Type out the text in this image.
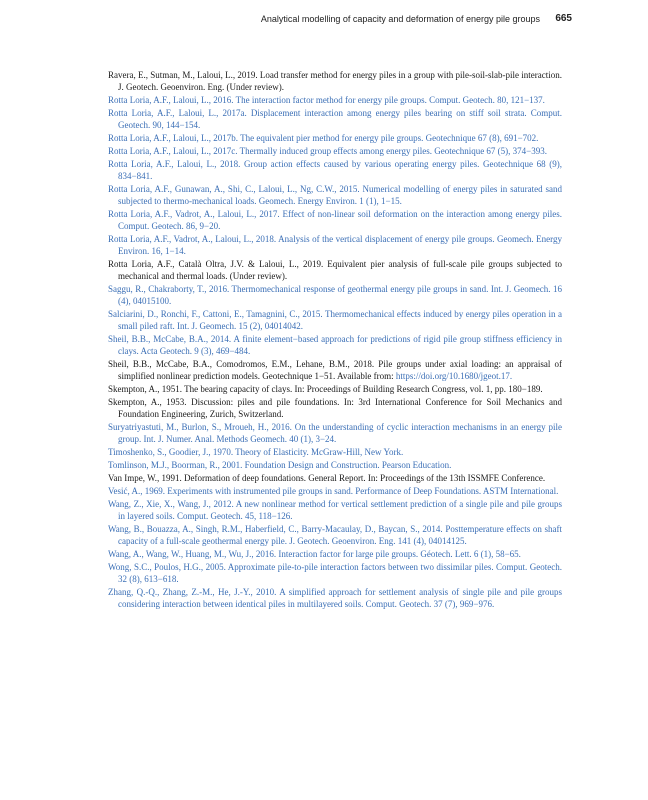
Analytical modelling of capacity and deformation of energy pile groups 665
Ravera, E., Sutman, M., Laloui, L., 2019. Load transfer method for energy piles in a group with pile-soil-slab-pile interaction. J. Geotech. Geoenviron. Eng. (Under review).
Rotta Loria, A.F., Laloui, L., 2016. The interaction factor method for energy pile groups. Comput. Geotech. 80, 121−137.
Rotta Loria, A.F., Laloui, L., 2017a. Displacement interaction among energy piles bearing on stiff soil strata. Comput. Geotech. 90, 144−154.
Rotta Loria, A.F., Laloui, L., 2017b. The equivalent pier method for energy pile groups. Geotechnique 67 (8), 691−702.
Rotta Loria, A.F., Laloui, L., 2017c. Thermally induced group effects among energy piles. Geotechnique 67 (5), 374−393.
Rotta Loria, A.F., Laloui, L., 2018. Group action effects caused by various operating energy piles. Geotechnique 68 (9), 834−841.
Rotta Loria, A.F., Gunawan, A., Shi, C., Laloui, L., Ng, C.W., 2015. Numerical modelling of energy piles in saturated sand subjected to thermo-mechanical loads. Geomech. Energy Environ. 1 (1), 1−15.
Rotta Loria, A.F., Vadrot, A., Laloui, L., 2017. Effect of non-linear soil deformation on the interaction among energy piles. Comput. Geotech. 86, 9−20.
Rotta Loria, A.F., Vadrot, A., Laloui, L., 2018. Analysis of the vertical displacement of energy pile groups. Geomech. Energy Environ. 16, 1−14.
Rotta Loria, A.F., Català Oltra, J.V. & Laloui, L., 2019. Equivalent pier analysis of full-scale pile groups subjected to mechanical and thermal loads. (Under review).
Saggu, R., Chakraborty, T., 2016. Thermomechanical response of geothermal energy pile groups in sand. Int. J. Geomech. 16 (4), 04015100.
Salciarini, D., Ronchi, F., Cattoni, E., Tamagnini, C., 2015. Thermomechanical effects induced by energy piles operation in a small piled raft. Int. J. Geomech. 15 (2), 04014042.
Sheil, B.B., McCabe, B.A., 2014. A finite element−based approach for predictions of rigid pile group stiffness efficiency in clays. Acta Geotech. 9 (3), 469−484.
Sheil, B.B., McCabe, B.A., Comodromos, E.M., Lehane, B.M., 2018. Pile groups under axial loading: an appraisal of simplified nonlinear prediction models. Geotechnique 1−51. Available from: https://doi.org/10.1680/jgeot.17.
Skempton, A., 1951. The bearing capacity of clays. In: Proceedings of Building Research Congress, vol. 1, pp. 180−189.
Skempton, A., 1953. Discussion: piles and pile foundations. In: 3rd International Conference for Soil Mechanics and Foundation Engineering, Zurich, Switzerland.
Suryatriyastuti, M., Burlon, S., Mroueh, H., 2016. On the understanding of cyclic interaction mechanisms in an energy pile group. Int. J. Numer. Anal. Methods Geomech. 40 (1), 3−24.
Timoshenko, S., Goodier, J., 1970. Theory of Elasticity. McGraw-Hill, New York.
Tomlinson, M.J., Boorman, R., 2001. Foundation Design and Construction. Pearson Education.
Van Impe, W., 1991. Deformation of deep foundations. General Report. In: Proceedings of the 13th ISSMFE Conference.
Vesić, A., 1969. Experiments with instrumented pile groups in sand. Performance of Deep Foundations. ASTM International.
Wang, Z., Xie, X., Wang, J., 2012. A new nonlinear method for vertical settlement prediction of a single pile and pile groups in layered soils. Comput. Geotech. 45, 118−126.
Wang, B., Bouazza, A., Singh, R.M., Haberfield, C., Barry-Macaulay, D., Baycan, S., 2014. Posttemperature effects on shaft capacity of a full-scale geothermal energy pile. J. Geotech. Geoenviron. Eng. 141 (4), 04014125.
Wang, A., Wang, W., Huang, M., Wu, J., 2016. Interaction factor for large pile groups. Géotech. Lett. 6 (1), 58−65.
Wong, S.C., Poulos, H.G., 2005. Approximate pile-to-pile interaction factors between two dissimilar piles. Comput. Geotech. 32 (8), 613−618.
Zhang, Q.-Q., Zhang, Z.-M., He, J.-Y., 2010. A simplified approach for settlement analysis of single pile and pile groups considering interaction between identical piles in multilayered soils. Comput. Geotech. 37 (7), 969−976.
